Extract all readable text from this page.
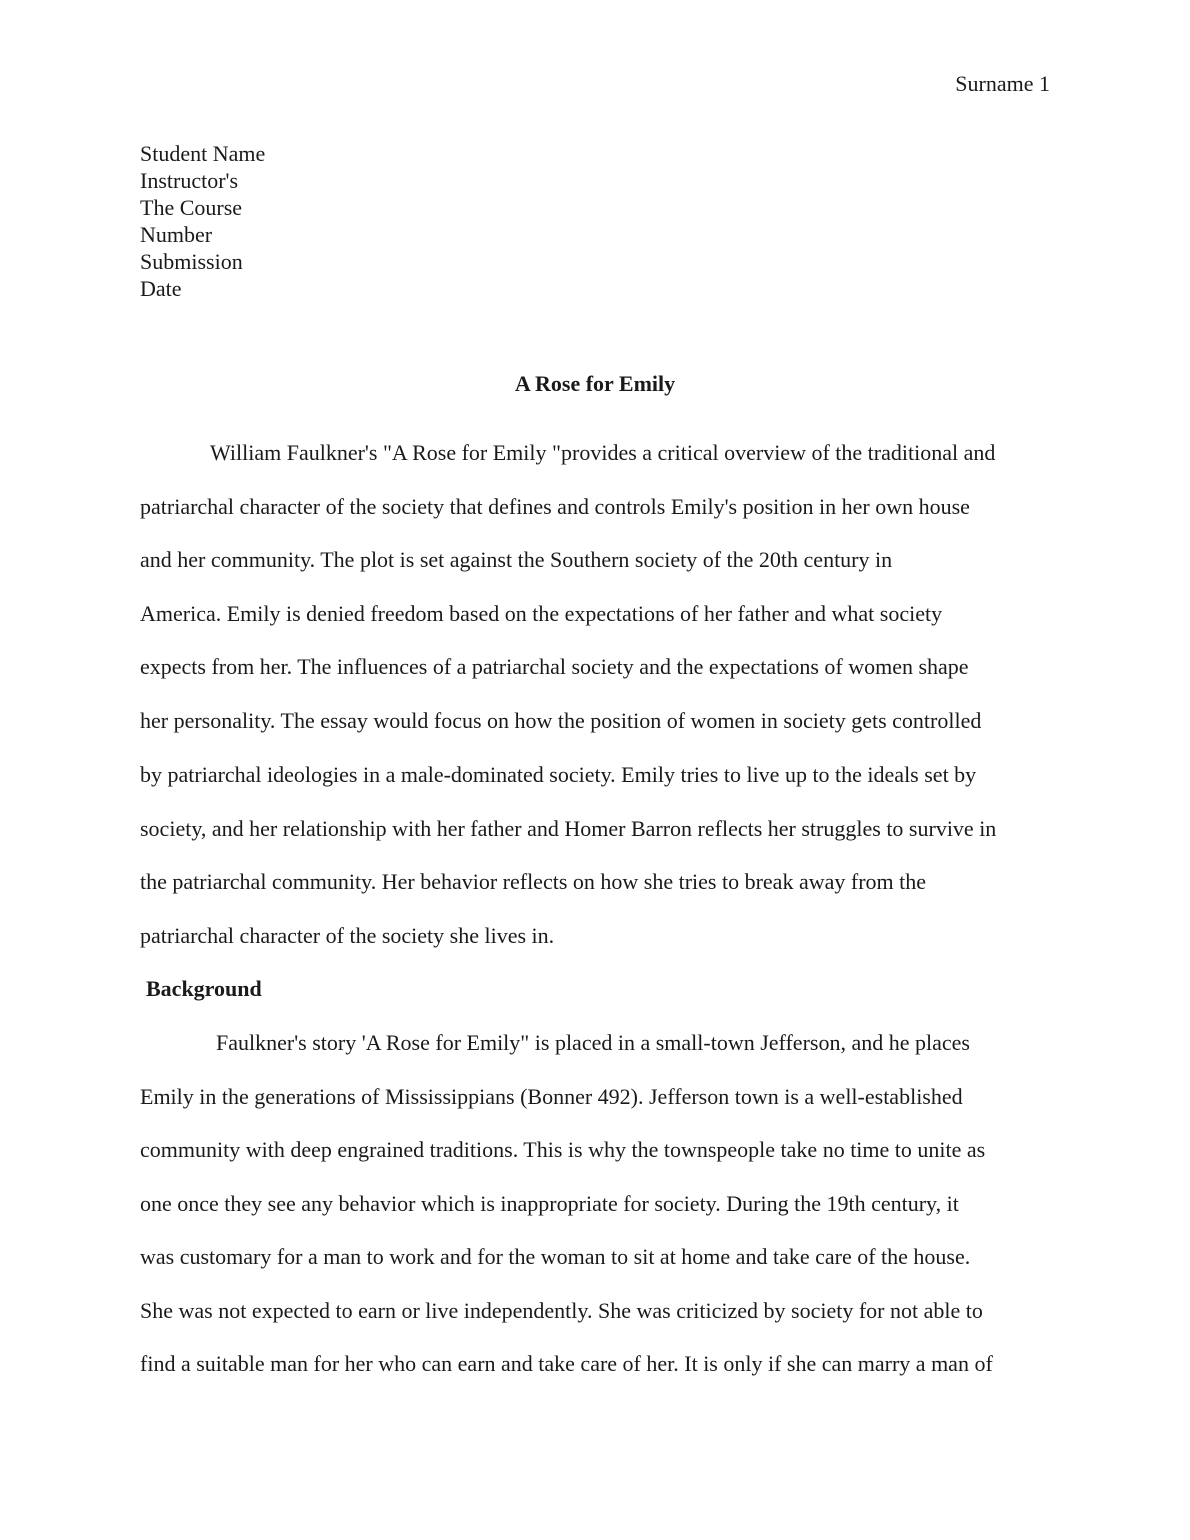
Surname 1
Student Name
Instructor's
The Course
Number
Submission
Date
A Rose for Emily
William Faulkner's "A Rose for Emily "provides a critical overview of the traditional and
patriarchal character of the society that defines and controls Emily's position in her own house
and her community. The plot is set against the Southern society of the 20th century in
America. Emily is denied freedom based on the expectations of her father and what society
expects from her. The influences of a patriarchal society and the expectations of women shape
her personality. The essay would focus on how the position of women in society gets controlled
by patriarchal ideologies in a male-dominated society. Emily tries to live up to the ideals set by
society, and her relationship with her father and Homer Barron reflects her struggles to survive in
the patriarchal community. Her behavior reflects on how she tries to break away from the
patriarchal character of the society she lives in.
Background
Faulkner's story 'A Rose for Emily" is placed in a small-town Jefferson, and he places
Emily in the generations of Mississippians (Bonner 492). Jefferson town is a well-established
community with deep engrained traditions. This is why the townspeople take no time to unite as
one once they see any behavior which is inappropriate for society. During the 19th century, it
was customary for a man to work and for the woman to sit at home and take care of the house.
She was not expected to earn or live independently. She was criticized by society for not able to
find a suitable man for her who can earn and take care of her. It is only if she can marry a man of
